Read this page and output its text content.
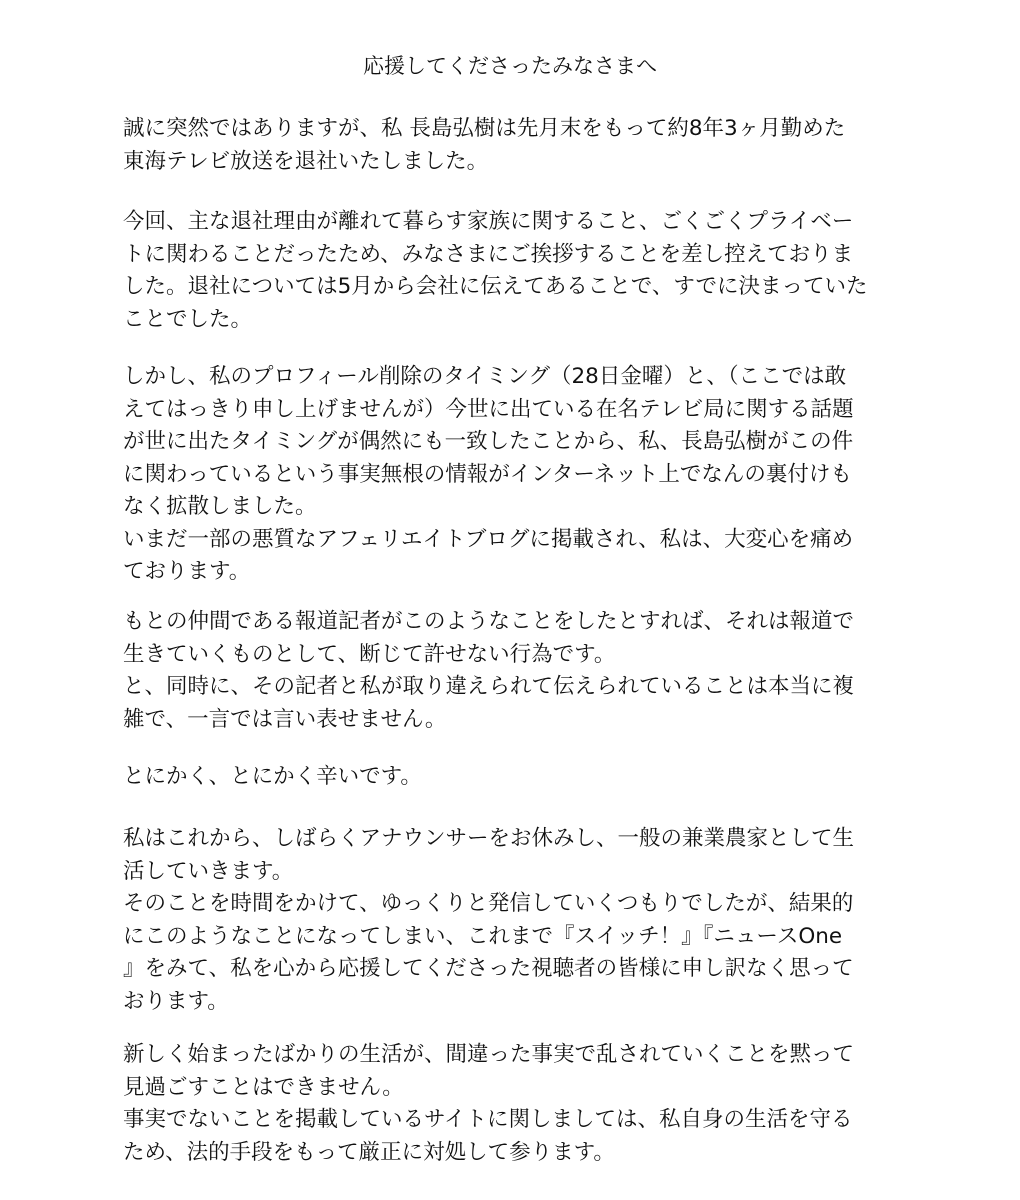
応援してくださったみなさまへ
誠に突然ではありますが、私 長島弘樹は先月末をもって約8年3ヶ月勤めた
東海テレビ放送を退社いたしました。
今回、主な退社理由が離れて暮らす家族に関すること、ごくごくプライベー
トに関わることだったため、みなさまにご挨拶することを差し控えておりま
した。退社については5月から会社に伝えてあることで、すでに決まっていた
ことでした。
しかし、私のプロフィール削除のタイミング（28日金曜）と、（ここでは敢
えてはっきり申し上げませんが）今世に出ている在名テレビ局に関する話題
が世に出たタイミングが偶然にも一致したことから、私、長島弘樹がこの件
に関わっているという事実無根の情報がインターネット上でなんの裏付けも
なく拡散しました。
いまだ一部の悪質なアフェリエイトブログに掲載され、私は、大変心を痛め
ております。
もとの仲間である報道記者がこのようなことをしたとすれば、それは報道で
生きていくものとして、断じて許せない行為です。
と、同時に、その記者と私が取り違えられて伝えられていることは本当に複
雑で、一言では言い表せません。
とにかく、とにかく辛いです。
私はこれから、しばらくアナウンサーをお休みし、一般の兼業農家として生
活していきます。
そのことを時間をかけて、ゆっくりと発信していくつもりでしたが、結果的
にこのようなことになってしまい、これまで『スイッチ！』『ニュースOne
』をみて、私を心から応援してくださった視聴者の皆様に申し訳なく思って
おります。
新しく始まったばかりの生活が、間違った事実で乱されていくことを黙って
見過ごすことはできません。
事実でないことを掲載しているサイトに関しましては、私自身の生活を守る
ため、法的手段をもって厳正に対処して参ります。
